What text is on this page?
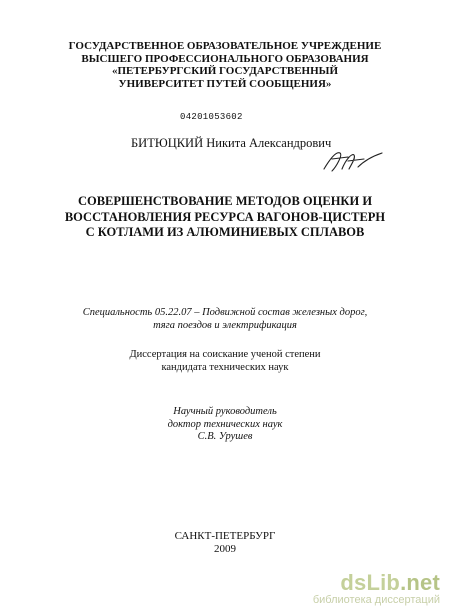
ГОСУДАРСТВЕННОЕ ОБРАЗОВАТЕЛЬНОЕ УЧРЕЖДЕНИЕ
ВЫСШЕГО ПРОФЕССИОНАЛЬНОГО ОБРАЗОВАНИЯ
«ПЕТЕРБУРГСКИЙ ГОСУДАРСТВЕННЫЙ
УНИВЕРСИТЕТ ПУТЕЙ СООБЩЕНИЯ»
04201053602
БИТЮЦКИЙ Никита Александрович
СОВЕРШЕНСТВОВАНИЕ МЕТОДОВ ОЦЕНКИ И
ВОССТАНОВЛЕНИЯ РЕСУРСА ВАГОНОВ-ЦИСТЕРН
С КОТЛАМИ ИЗ АЛЮМИНИЕВЫХ СПЛАВОВ
Специальность 05.22.07 – Подвижной состав железных дорог,
тяга поездов и электрификация
Диссертация на соискание ученой степени
кандидата технических наук
Научный руководитель
доктор технических наук
С.В. Урушев
САНКТ-ПЕТЕРБУРГ
2009
dsLib.net
библиотека диссертаций
